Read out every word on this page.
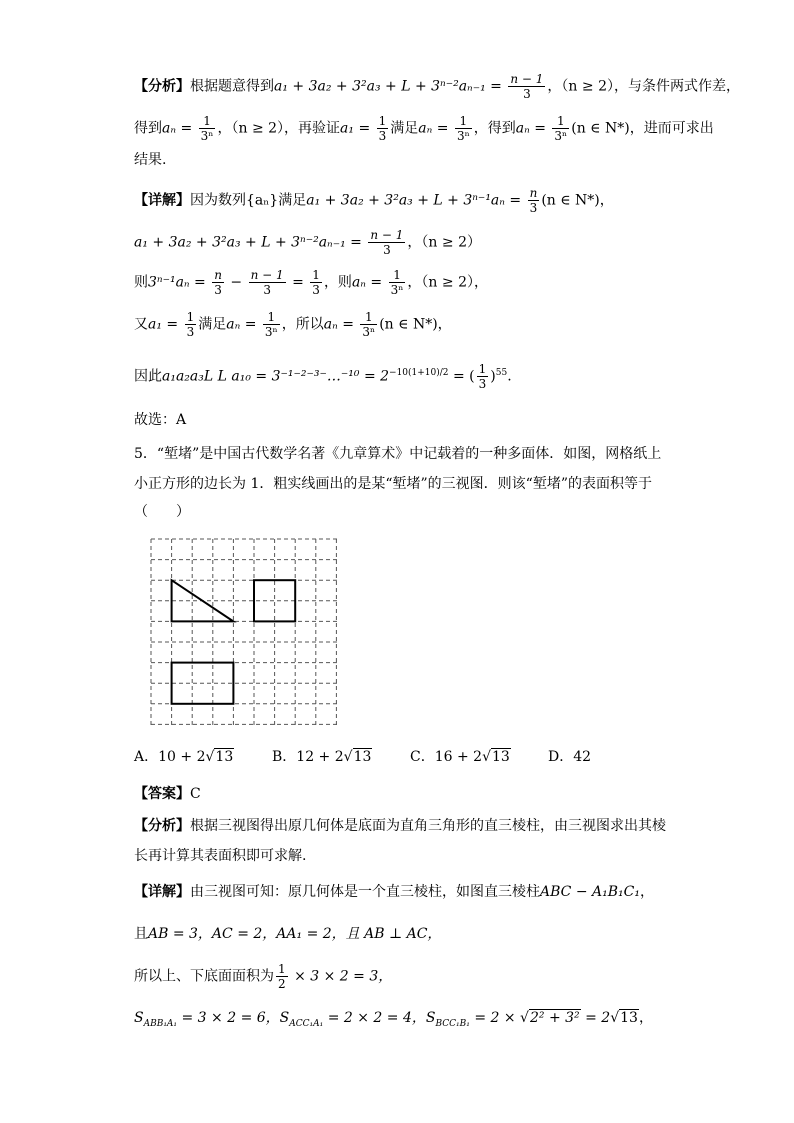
【分析】根据题意得到$a_1 + 3a_2 + 3^2a_3 + L + 3^{n-2}a_{n-1} = \frac{n - 1}{3}$ ，（n ≥ 2），与条件两式作差，
得到$a_n = \frac{1}{\text{3ⁿ}}$ ，（n ≥ 2），再验证$a_1 = \frac{1}{3}$ 满足$a_n = \frac{1}{\text{3ⁿ}}$ ，得到$a_n = \frac{1}{\text{3ⁿ}} (n$ ∈ N*)，进而可求出
结果.
【详解】因为数列{aₙ}满足$a_1 + 3a_2 + 3^2a_3 + L + 3^{n-1}a_n = \frac{n}{3} (n$ ∈ N*)，
$a_1 + 3a_2 + 3^2a_3 + L + 3^{n-2}a_{n-1} = \frac{n - 1}{3}$ ，（n ≥ 2）
则$3^{n-1}a_n = \frac{n}{3} - \frac{n - 1}{3} = \frac{1}{3}$ ，则$a_n = \frac{1}{\text{3ⁿ}}$ ，（n ≥ 2），
又$a_1 = \frac{1}{3}$ 满足$a_n = \frac{1}{\text{3ⁿ}}$ ，所以$a_n = \frac{1}{\text{3ⁿ}} (n$ ∈ N*)，
因此a₁a₂a₃L L a₁₀ = 3⁻¹⁻²⁻³⁻…⁻¹⁰ = $2^{-10(1+10)/2}$ = ( $\frac{1}{3} )^{55}$.
故选：A
5．“堑堵”是中国古代数学名著《九章算术》中记载着的一种多面体．如图，网格纸上
小正方形的边长为 1．粗实线画出的是某“堑堵”的三视图．则该“堑堵”的表面积等于
（　　）
A．10 + 2√13	B．12 + 2√13	C．16 + 2√13	D．42
【答案】C
【分析】根据三视图得出原几何体是底面为直角三角形的直三棱柱，由三视图求出其棱
长再计算其表面积即可求解.
【详解】由三视图可知：原几何体是一个直三棱柱，如图直三棱柱ABC − A₁B₁C₁，
且AB = 3，AC = 2，AA₁ = 2，且 AB ⊥ AC，
所以上、下底面面积为 $\frac{1}{2} \times 3 \times 2 = 3$，
$S_{ABB_1A_1} = 3 \times 2 = 6$，$S_{ACC_1A_1} = 2 \times 2 = 4$，$S_{BCC_1B_1} = 2 \times √2^2 + 3^2 = 2√13$，
